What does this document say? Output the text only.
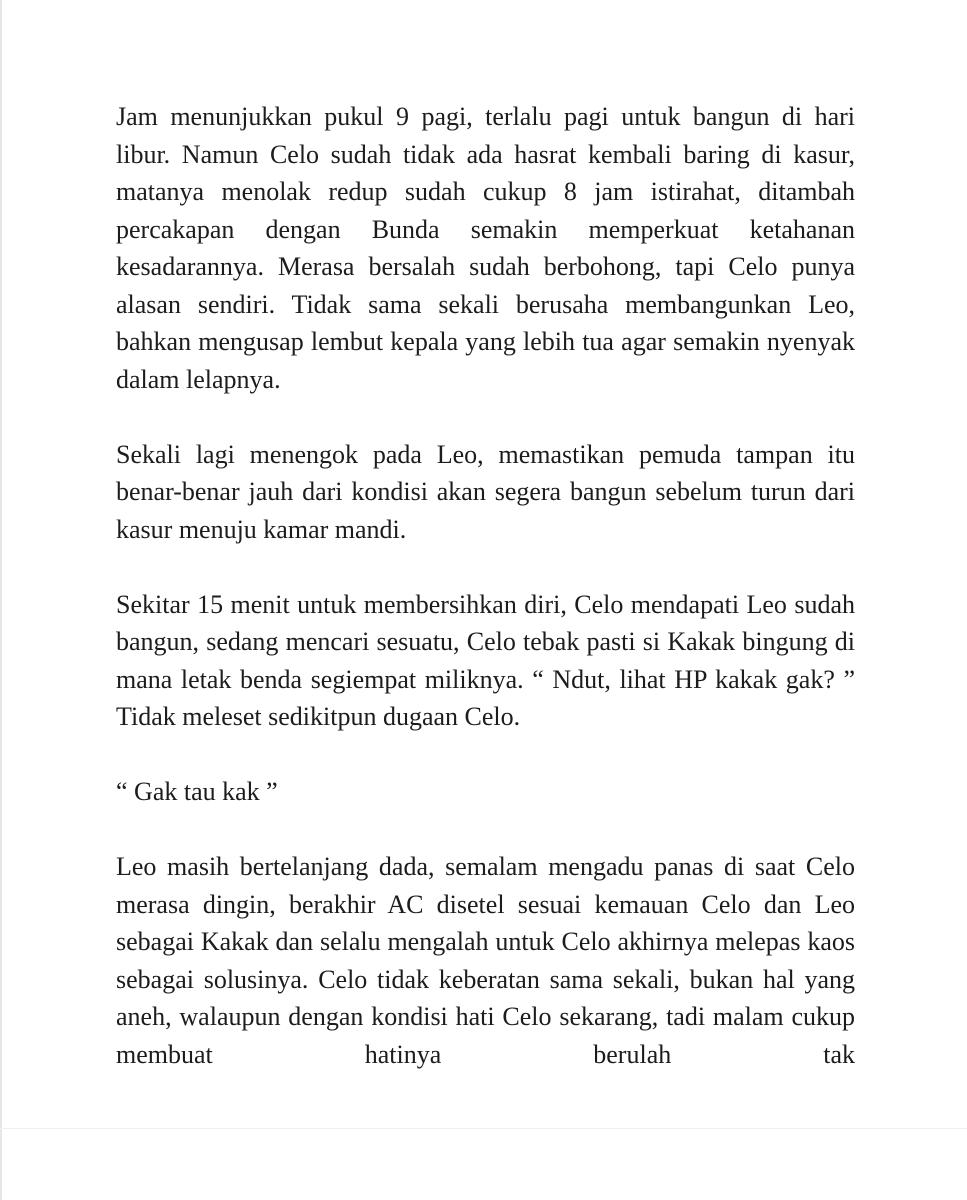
Jam menunjukkan pukul 9 pagi, terlalu pagi untuk bangun di hari libur. Namun Celo sudah tidak ada hasrat kembali baring di kasur, matanya menolak redup sudah cukup 8 jam istirahat, ditambah percakapan dengan Bunda semakin memperkuat ketahanan kesadarannya. Merasa bersalah sudah berbohong, tapi Celo punya alasan sendiri. Tidak sama sekali berusaha membangunkan Leo, bahkan mengusap lembut kepala yang lebih tua agar semakin nyenyak dalam lelapnya.

Sekali lagi menengok pada Leo, memastikan pemuda tampan itu benar-benar jauh dari kondisi akan segera bangun sebelum turun dari kasur menuju kamar mandi.

Sekitar 15 menit untuk membersihkan diri, Celo mendapati Leo sudah bangun, sedang mencari sesuatu, Celo tebak pasti si Kakak bingung di mana letak benda segiempat miliknya. “ Ndut, lihat HP kakak gak? ” Tidak meleset sedikitpun dugaan Celo.

“ Gak tau kak ”

Leo masih bertelanjang dada, semalam mengadu panas di saat Celo merasa dingin, berakhir AC disetel sesuai kemauan Celo dan Leo sebagai Kakak dan selalu mengalah untuk Celo akhirnya melepas kaos sebagai solusinya. Celo tidak keberatan sama sekali, bukan hal yang aneh, walaupun dengan kondisi hati Celo sekarang, tadi malam cukup membuat hatinya berulah tak
